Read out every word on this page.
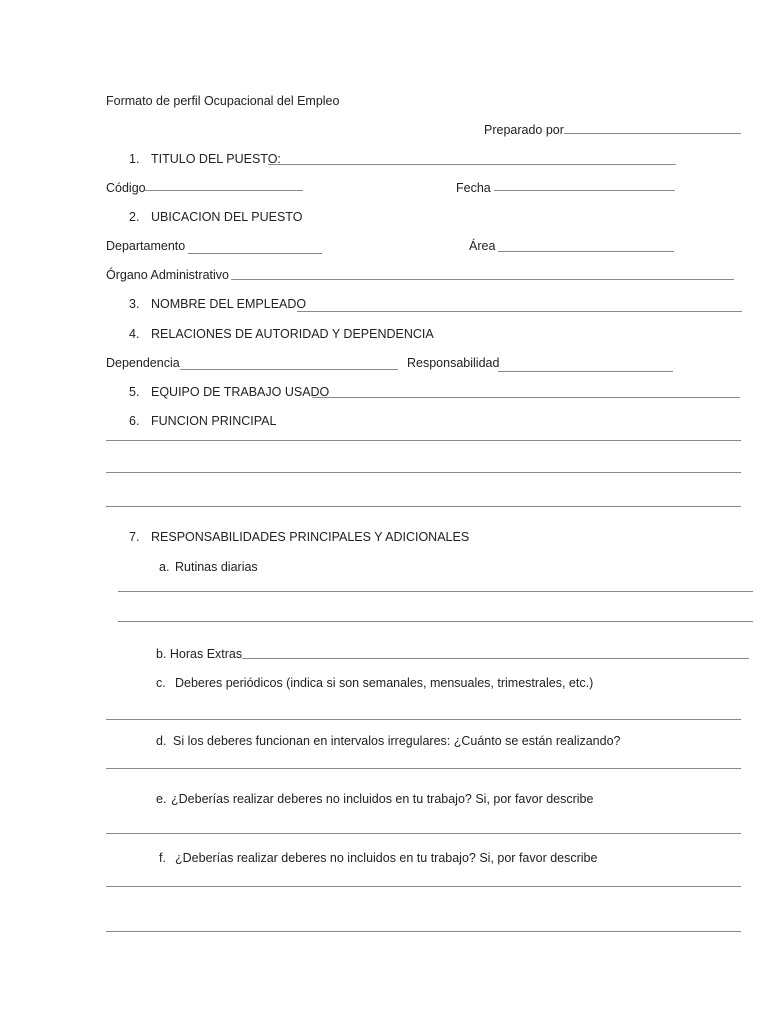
Formato de perfil Ocupacional del Empleo
Preparado por
1. TITULO DEL PUESTO:
Código	Fecha
2. UBICACION DEL PUESTO
Departamento	Área
Órgano Administrativo
3. NOMBRE DEL EMPLEADO
4. RELACIONES DE AUTORIDAD Y DEPENDENCIA
Dependencia	Responsabilidad
5. EQUIPO DE TRABAJO USADO
6. FUNCION PRINCIPAL
7. RESPONSABILIDADES PRINCIPALES Y ADICIONALES
a. Rutinas diarias
b. Horas Extras
c. Deberes periódicos (indica si son semanales, mensuales, trimestrales, etc.)
d. Si los deberes funcionan en intervalos irregulares: ¿Cuánto se están realizando?
e. ¿Deberías realizar deberes no incluidos en tu trabajo? Si, por favor describe
f. ¿Deberías realizar deberes no incluidos en tu trabajo? Si, por favor describe
